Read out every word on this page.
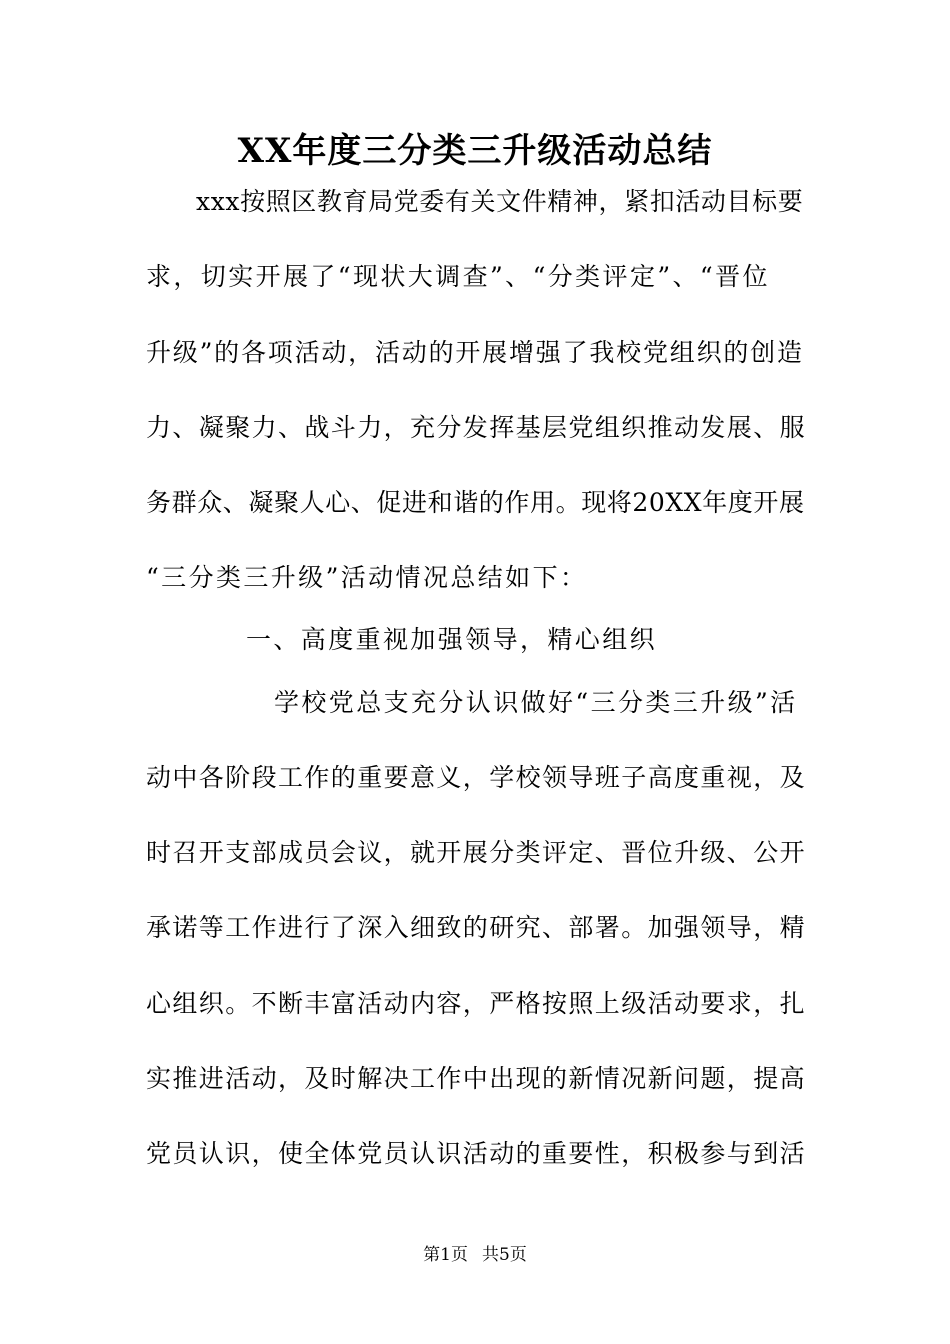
XX年度三分类三升级活动总结

xxx按照区教育局党委有关文件精神，紧扣活动目标要

求，切实开展了“现状大调查”、“分类评定”、“晋位

升级”的各项活动，活动的开展增强了我校党组织的创造

力、凝聚力、战斗力，充分发挥基层党组织推动发展、服

务群众、凝聚人心、促进和谐的作用。现将20XX年度开展

“三分类三升级”活动情况总结如下：

一、高度重视加强领导，精心组织

学校党总支充分认识做好“三分类三升级”活

动中各阶段工作的重要意义，学校领导班子高度重视，及

时召开支部成员会议，就开展分类评定、晋位升级、公开

承诺等工作进行了深入细致的研究、部署。加强领导，精

心组织。不断丰富活动内容，严格按照上级活动要求，扎

实推进活动，及时解决工作中出现的新情况新问题，提高

党员认识，使全体党员认识活动的重要性，积极参与到活

第1页 共5页
